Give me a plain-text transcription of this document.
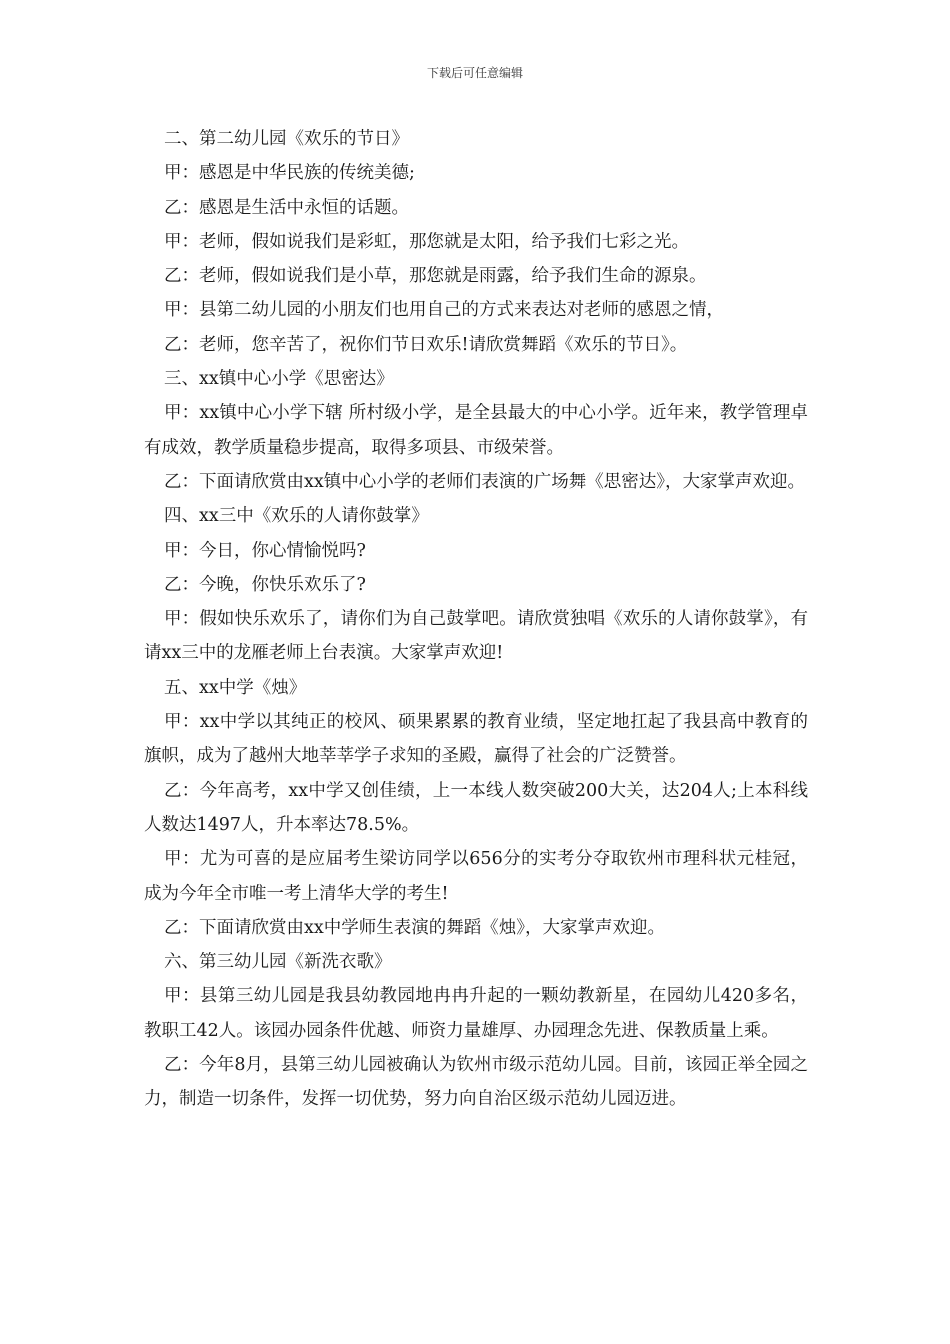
下载后可任意编辑

二、第二幼儿园《欢乐的节日》

甲：感恩是中华民族的传统美德;

乙：感恩是生活中永恒的话题。

甲：老师，假如说我们是彩虹，那您就是太阳，给予我们七彩之光。

乙：老师，假如说我们是小草，那您就是雨露，给予我们生命的源泉。

甲：县第二幼儿园的小朋友们也用自己的方式来表达对老师的感恩之情，

乙：老师，您辛苦了，祝你们节日欢乐!请欣赏舞蹈《欢乐的节日》。

三、xx镇中心小学《思密达》

甲：xx镇中心小学下辖 所村级小学，是全县最大的中心小学。近年来，教学管理卓有成效，教学质量稳步提高，取得多项县、市级荣誉。

乙：下面请欣赏由xx镇中心小学的老师们表演的广场舞《思密达》，大家掌声欢迎。

四、xx三中《欢乐的人请你鼓掌》

甲：今日，你心情愉悦吗?

乙：今晚，你快乐欢乐了?

甲：假如快乐欢乐了，请你们为自己鼓掌吧。请欣赏独唱《欢乐的人请你鼓掌》，有请xx三中的龙雁老师上台表演。大家掌声欢迎!

五、xx中学《烛》

甲：xx中学以其纯正的校风、硕果累累的教育业绩，坚定地扛起了我县高中教育的旗帜，成为了越州大地莘莘学子求知的圣殿，赢得了社会的广泛赞誉。

乙：今年高考，xx中学又创佳绩，上一本线人数突破200大关，达204人;上本科线人数达1497人，升本率达78.5%。

甲：尤为可喜的是应届考生梁访同学以656分的实考分夺取钦州市理科状元桂冠，成为今年全市唯一考上清华大学的考生!

乙：下面请欣赏由xx中学师生表演的舞蹈《烛》，大家掌声欢迎。

六、第三幼儿园《新洗衣歌》

甲：县第三幼儿园是我县幼教园地冉冉升起的一颗幼教新星，在园幼儿420多名，教职工42人。该园办园条件优越、师资力量雄厚、办园理念先进、保教质量上乘。

乙：今年8月，县第三幼儿园被确认为钦州市级示范幼儿园。目前，该园正举全园之力，制造一切条件，发挥一切优势，努力向自治区级示范幼儿园迈进。
